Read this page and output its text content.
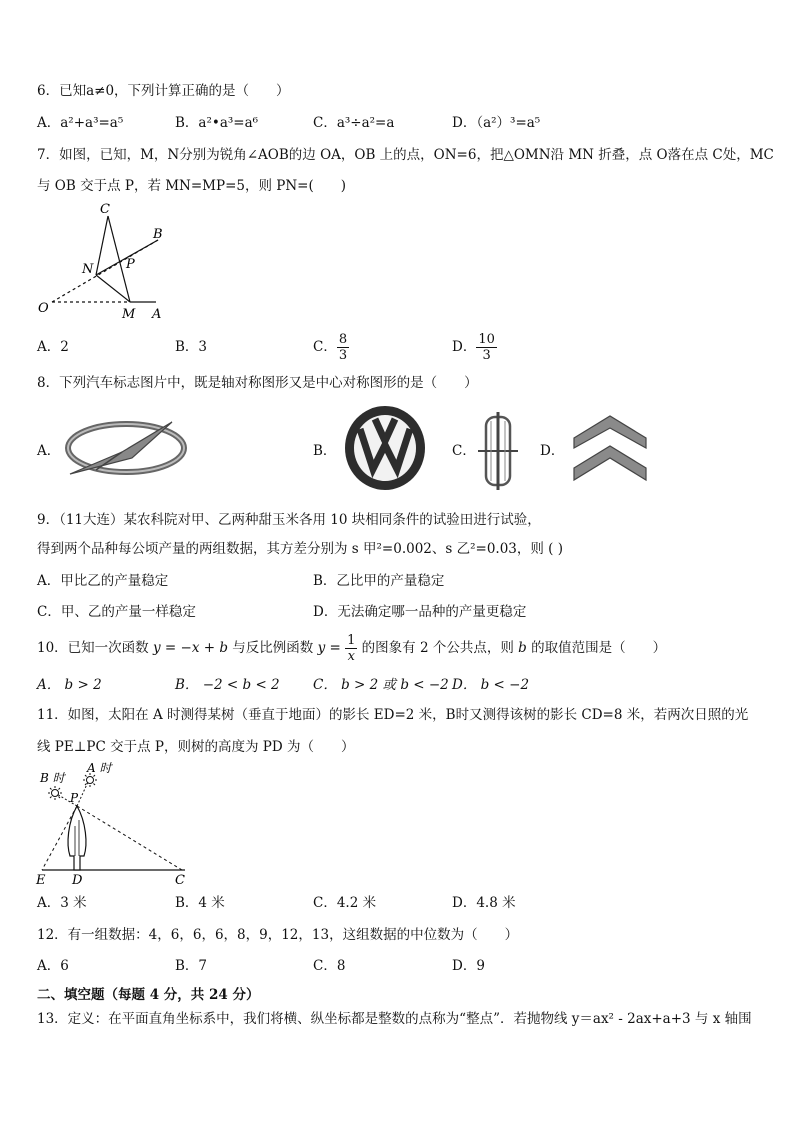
6．已知a≠0，下列计算正确的是（　　）
A．a²+a³=a⁵	B．a²•a³=a⁶	C．a³÷a²=a	D．（a²）³=a⁵
7．如图，已知，M，N分别为锐角∠AOB的边 OA，OB 上的点，ON=6，把△OMN沿 MN 折叠，点 O落在点 C处，MC
与 OB 交于点 P，若 MN=MP=5，则 PN=(　　)
C
B
N	P
O	M A
A．2	B．3	C． $\frac{8}{3}$	D． $\frac{10}{3}$
8．下列汽车标志图片中，既是轴对称图形又是中心对称图形的是（　　）
A．	B．	C．	D．
9．（11大连）某农科院对甲、乙两种甜玉米各用 10 块相同条件的试验田进行试验，
得到两个品种每公顷产量的两组数据，其方差分别为 s 甲²=0.002、s 乙²=0.03，则 ( )
A．甲比乙的产量稳定	B．乙比甲的产量稳定
C．甲、乙的产量一样稳定	D．无法确定哪一品种的产量更稳定
10．已知一次函数 y = −x + b 与反比例函数 $y = \frac{1}{x}$ 的图象有 2 个公共点，则 b 的取值范围是（　　）
A． b > 2	B． −2 < b < 2 C． b > 2 或 b < −2 D． b < −2
11．如图，太阳在 A 时测得某树（垂直于地面）的影长 ED=2 米，B时又测得该树的影长 CD=8 米，若两次日照的光
线 PE⊥PC 交于点 P，则树的高度为 PD 为（　　）
B 时
A 时
P
E D	C
A．3 米	B．4 米	C．4.2 米	D．4.8 米
12．有一组数据：4，6，6，6，8，9，12，13，这组数据的中位数为（　　）
A．6	B．7	C．8	D．9
二、填空题（每题 4 分，共 24 分）
13．定义：在平面直角坐标系中，我们将横、纵坐标都是整数的点称为“整点”．若抛物线 y＝ax² - 2ax+a+3 与 x 轴围
